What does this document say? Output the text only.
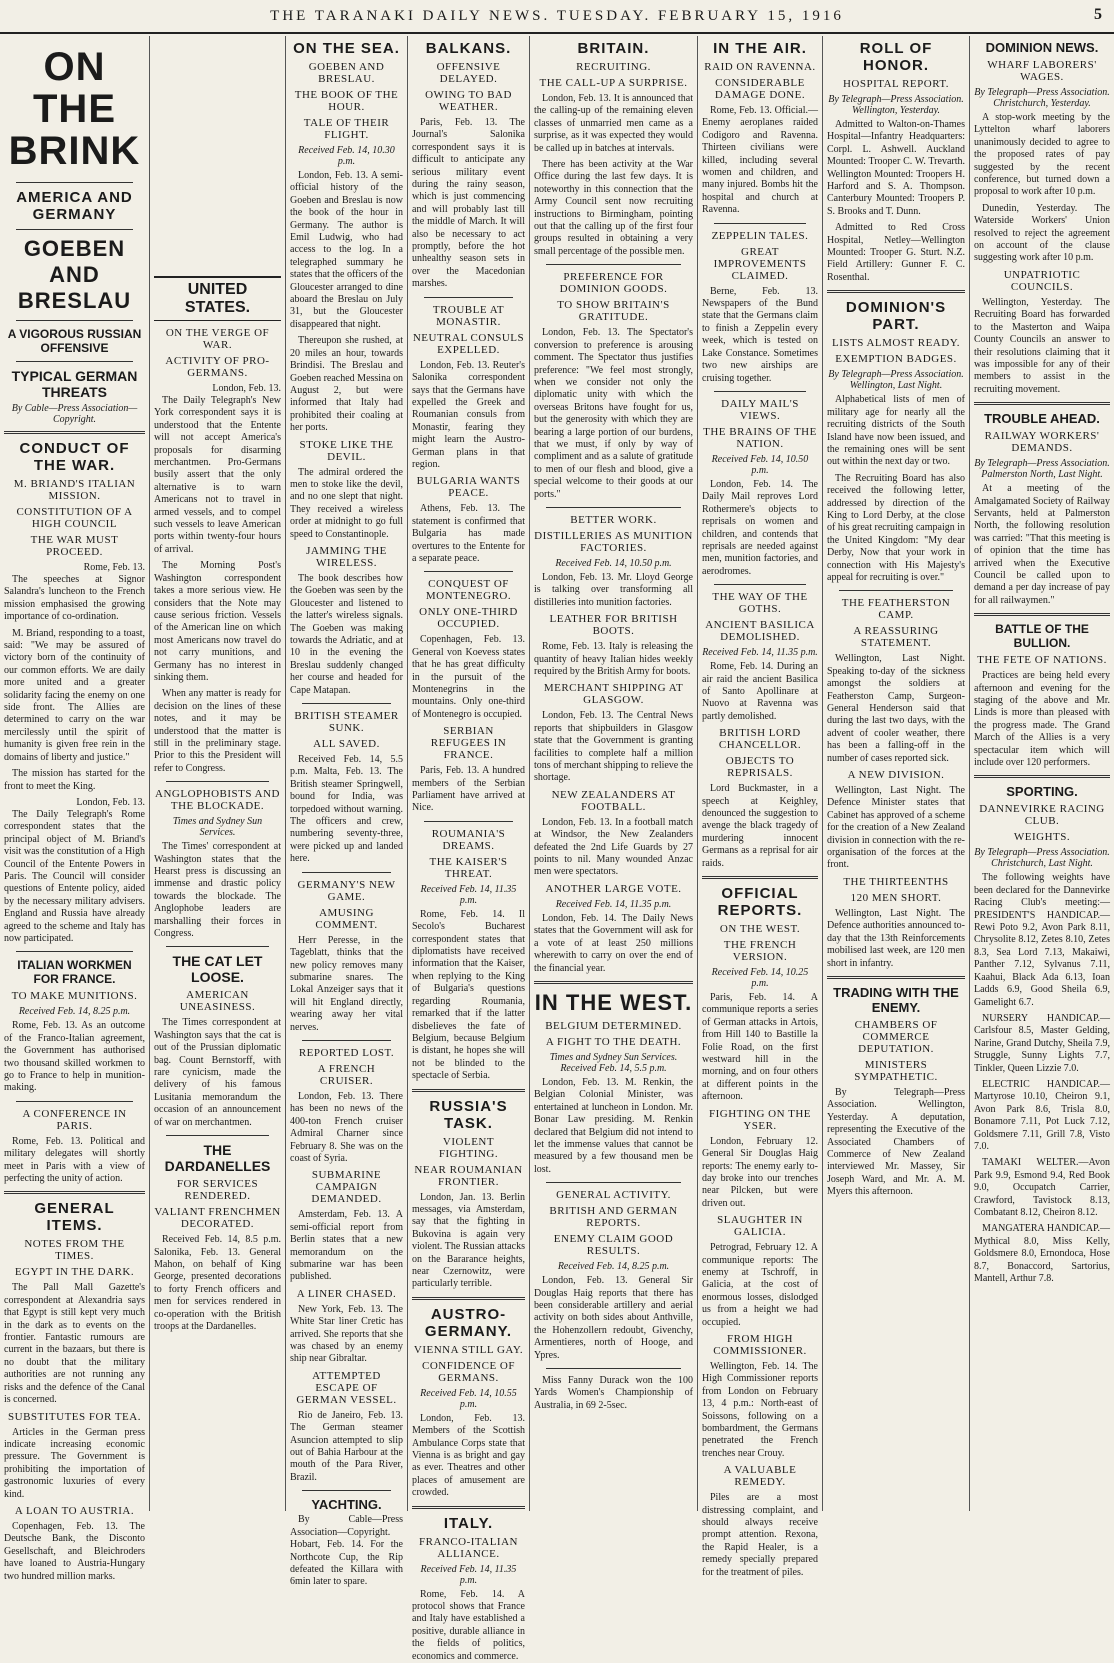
THE TARANAKI DAILY NEWS. TUESDAY. FEBRUARY 15, 1916	5
ON THE BRINK
AMERICA AND GERMANY
GOEBEN AND BRESLAU
A VIGOROUS RUSSIAN OFFENSIVE
TYPICAL GERMAN THREATS
By Cable—Press Association—Copyright.
CONDUCT OF THE WAR.
M. BRIAND'S ITALIAN MISSION.
CONSTITUTION OF A HIGH COUNCIL
THE WAR MUST PROCEED.
Rome, Feb. 13.

The speeches at Signor Salandra's luncheon to the French mission emphasised the growing importance of co-ordination.

M. Briand, responding to a toast, said: "We may be assured of victory born of the continuity of our common efforts. We are daily more united and a greater solidarity facing the enemy on one side front. The Allies are determined to carry on the war mercilessly until the spirit of humanity is given free rein in the domains of liberty and justice."

The mission has started for the front to meet the King.

London, Feb. 13.

The Daily Telegraph's Rome correspondent states that the principal object of M. Briand's visit was the constitution of a High Council of the Entente Powers in Paris. The Council will consider questions of Entente policy, aided by the necessary military advisers. England and Russia have already agreed to the scheme and Italy has now participated.

ITALIAN WORKMEN FOR FRANCE.
TO MAKE MUNITIONS.
Received Feb. 14, 8.25 p.m.

Rome, Feb. 13. As an outcome of the Franco-Italian agreement, the Government has authorised two thousand skilled workmen to go to France to help in munition-making.

A CONFERENCE IN PARIS.

Rome, Feb. 13. Political and military delegates will shortly meet in Paris with a view of perfecting the unity of action.

GENERAL ITEMS.
NOTES FROM THE TIMES.
EGYPT IN THE DARK.

The Pall Mall Gazette's correspondent at Alexandria says that Egypt is still kept very much in the dark as to events on the frontier. Fantastic rumours are current in the bazaars, but there is no doubt that the military authorities are not running any risks and the defence of the Canal is concerned.

SUBSTITUTES FOR TEA.

Articles in the German press indicate increasing economic pressure. The Government is prohibiting the importation of gastronomic luxuries of every kind.

A LOAN TO AUSTRIA.

Copenhagen, Feb. 13. The Deutsche Bank, the Disconto Gesellschaft, and Bleichroders have loaned to Austria-Hungary two hundred million marks.

UNITED STATES.
ON THE VERGE OF WAR.
ACTIVITY OF PRO-GERMANS.
London, Feb. 13.

The Daily Telegraph's New York correspondent says it is understood that the Entente will not accept America's proposals for disarming merchantmen. Pro-Germans busily assert that the only alternative is to warn Americans not to travel in armed vessels, and to compel such vessels to leave American ports within twenty-four hours of arrival.

The Morning Post's Washington correspondent takes a more serious view. He considers that the Note may cause serious friction. Vessels of the American line on which most Americans now travel do not carry munitions, and Germany has no interest in sinking them.

When any matter is ready for decision on the lines of these notes, and it may be understood that the matter is still in the preliminary stage. Prior to this the President will refer to Congress.

ANGLOPHOBISTS AND THE BLOCKADE.
Times and Sydney Sun Services.

The Times' correspondent at Washington states that the Hearst press is discussing an immense and drastic policy towards the blockade. The Anglophobe leaders are marshalling their forces in Congress.

THE CAT LET LOOSE.
AMERICAN UNEASINESS.

The Times correspondent at Washington says that the cat is out of the Prussian diplomatic bag. Count Bernstorff, with rare cynicism, made the delivery of his famous Lusitania memorandum the occasion of an announcement of war on merchantmen.

THE DARDANELLES
FOR SERVICES RENDERED.
VALIANT FRENCHMEN DECORATED.

Received Feb. 14, 8.5 p.m. Salonika, Feb. 13. General Mahon, on behalf of King George, presented decorations to forty French officers and men for services rendered in co-operation with the British troops at the Dardanelles.

ON THE SEA.
GOEBEN AND BRESLAU.
THE BOOK OF THE HOUR.
TALE OF THEIR FLIGHT.
Received Feb. 14, 10.30 p.m.

London, Feb. 13. A semi-official history of the Goeben and Breslau is now the book of the hour in Germany. The author is Emil Ludwig, who had access to the log. In a telegraphed summary he states that the officers of the Gloucester arranged to dine aboard the Breslau on July 31, but the Gloucester disappeared that night.

Thereupon she rushed, at 20 miles an hour, towards Brindisi. The Breslau and Goeben reached Messina on August 2, but were informed that Italy had prohibited their coaling at her ports.

STOKE LIKE THE DEVIL.

The admiral ordered the men to stoke like the devil, and no one slept that night. They received a wireless order at midnight to go full speed to Constantinople.

JAMMING THE WIRELESS.

The book describes how the Goeben was seen by the Gloucester and listened to the latter's wireless signals. The Goeben was making towards the Adriatic, and at 10 in the evening the Breslau suddenly changed her course and headed for Cape Matapan.

BRITISH STEAMER SUNK.
ALL SAVED.

Received Feb. 14, 5.5 p.m. Malta, Feb. 13. The British steamer Springwell, bound for India, was torpedoed without warning. The officers and crew, numbering seventy-three, were picked up and landed here.

GERMANY'S NEW GAME.
AMUSING COMMENT.

Herr Peresse, in the Tageblatt, thinks that the new policy removes many submarine snares. The Lokal Anzeiger says that it will hit England directly, wearing away her vital nerves.

REPORTED LOST.
A FRENCH CRUISER.

London, Feb. 13. There has been no news of the 400-ton French cruiser Admiral Charner since February 8. She was on the coast of Syria.

SUBMARINE CAMPAIGN DEMANDED.

Amsterdam, Feb. 13. A semi-official report from Berlin states that a new memorandum on the submarine war has been published.

A LINER CHASED.

New York, Feb. 13. The White Star liner Cretic has arrived. She reports that she was chased by an enemy ship near Gibraltar.

ATTEMPTED ESCAPE OF GERMAN VESSEL.

Rio de Janeiro, Feb. 13. The German steamer Asuncion attempted to slip out of Bahia Harbour at the mouth of the Para River, Brazil.

YACHTING.

By Cable—Press Association—Copyright. Hobart, Feb. 14. For the Northcote Cup, the Rip defeated the Killara with 6min later to spare.

BALKANS.
OFFENSIVE DELAYED.
OWING TO BAD WEATHER.

Paris, Feb. 13. The Journal's Salonika correspondent says it is difficult to anticipate any serious military event during the rainy season, which is just commencing and will probably last till the middle of March. It will also be necessary to act promptly, before the hot unhealthy season sets in over the Macedonian marshes.

TROUBLE AT MONASTIR.
NEUTRAL CONSULS EXPELLED.

London, Feb. 13. Reuter's Salonika correspondent says that the Germans have expelled the Greek and Roumanian consuls from Monastir, fearing they might learn the Austro-German plans in that region.

BULGARIA WANTS PEACE.

Athens, Feb. 13. The statement is confirmed that Bulgaria has made overtures to the Entente for a separate peace.

CONQUEST OF MONTENEGRO.
ONLY ONE-THIRD OCCUPIED.

Copenhagen, Feb. 13. General von Koevess states that he has great difficulty in the pursuit of the Montenegrins in the mountains. Only one-third of Montenegro is occupied.

SERBIAN REFUGEES IN FRANCE.

Paris, Feb. 13. A hundred members of the Serbian Parliament have arrived at Nice.

ROUMANIA'S DREAMS.
THE KAISER'S THREAT.
Received Feb. 14, 11.35 p.m.

Rome, Feb. 14. Il Secolo's Bucharest correspondent states that diplomatists have received information that the Kaiser, when replying to the King of Bulgaria's questions regarding Roumania, remarked that if the latter disbelieves the fate of Belgium, because Belgium is distant, he hopes she will not be blinded to the spectacle of Serbia.

RUSSIA'S TASK.
VIOLENT FIGHTING.
NEAR ROUMANIAN FRONTIER.

London, Jan. 13. Berlin messages, via Amsterdam, say that the fighting in Bukovina is again very violent. The Russian attacks on the Bararance heights, near Czernowitz, were particularly terrible.

AUSTRO-GERMANY.
VIENNA STILL GAY.
CONFIDENCE OF GERMANS.
Received Feb. 14, 10.55 p.m.

London, Feb. 13. Members of the Scottish Ambulance Corps state that Vienna is as bright and gay as ever. Theatres and other places of amusement are crowded.

ITALY.
FRANCO-ITALIAN ALLIANCE.
Received Feb. 14, 11.35 p.m.

Rome, Feb. 14. A protocol shows that France and Italy have established a positive, durable alliance in the fields of politics, economics and commerce.

BRITAIN.
RECRUITING.
THE CALL-UP A SURPRISE.

London, Feb. 13. It is announced that the calling-up of the remaining eleven classes of unmarried men came as a surprise, as it was expected they would be called up in batches at intervals.

There has been activity at the War Office during the last few days. It is noteworthy in this connection that the Army Council sent now recruiting instructions to Birmingham, pointing out that the calling up of the first four groups resulted in obtaining a very small percentage of the possible men.

PREFERENCE FOR DOMINION GOODS.
TO SHOW BRITAIN'S GRATITUDE.

London, Feb. 13. The Spectator's conversion to preference is arousing comment. The Spectator thus justifies preference: "We feel most strongly, when we consider not only the diplomatic unity with which the overseas Britons have fought for us, but the generosity with which they are bearing a large portion of our burdens, that we must, if only by way of compliment and as a salute of gratitude to men of our flesh and blood, give a special welcome to their goods at our ports."

BETTER WORK.
DISTILLERIES AS MUNITION FACTORIES.
Received Feb. 14, 10.50 p.m.

London, Feb. 13. Mr. Lloyd George is talking over transforming all distilleries into munition factories.

LEATHER FOR BRITISH BOOTS.

Rome, Feb. 13. Italy is releasing the quantity of heavy Italian hides weekly required by the British Army for boots.

MERCHANT SHIPPING AT GLASGOW.

London, Feb. 13. The Central News reports that shipbuilders in Glasgow state that the Government is granting facilities to complete half a million tons of merchant shipping to relieve the shortage.

NEW ZEALANDERS AT FOOTBALL.

London, Feb. 13. In a football match at Windsor, the New Zealanders defeated the 2nd Life Guards by 27 points to nil. Many wounded Anzac men were spectators.

ANOTHER LARGE VOTE.
Received Feb. 14, 11.35 p.m.

London, Feb. 14. The Daily News states that the Government will ask for a vote of at least 250 millions wherewith to carry on over the end of the financial year.

IN THE WEST.
BELGIUM DETERMINED.
A FIGHT TO THE DEATH.
Times and Sydney Sun Services. Received Feb. 14, 5.5 p.m.

London, Feb. 13. M. Renkin, the Belgian Colonial Minister, was entertained at luncheon in London. Mr. Bonar Law presiding. M. Renkin declared that Belgium did not intend to let the immense values that cannot be measured by a few thousand men be lost.

GENERAL ACTIVITY.
BRITISH AND GERMAN REPORTS.
ENEMY CLAIM GOOD RESULTS.
Received Feb. 14, 8.25 p.m.

London, Feb. 13. General Sir Douglas Haig reports that there has been considerable artillery and aerial activity on both sides about Anthville, the Hohenzollern redoubt, Givenchy, Armentieres, north of Hooge, and Ypres.

Miss Fanny Durack won the 100 Yards Women's Championship of Australia, in 69 2-5sec.

IN THE AIR.
RAID ON RAVENNA.
CONSIDERABLE DAMAGE DONE.

Rome, Feb. 13. Official.—Enemy aeroplanes raided Codigoro and Ravenna. Thirteen civilians were killed, including several women and children, and many injured. Bombs hit the hospital and church at Ravenna.

ZEPPELIN TALES.
GREAT IMPROVEMENTS CLAIMED.

Berne, Feb. 13. Newspapers of the Bund state that the Germans claim to finish a Zeppelin every week, which is tested on Lake Constance. Sometimes two new airships are cruising together.

DAILY MAIL'S VIEWS.
THE BRAINS OF THE NATION.
Received Feb. 14, 10.50 p.m.

London, Feb. 14. The Daily Mail reproves Lord Rothermere's objects to reprisals on women and children, and contends that reprisals are needed against men, munition factories, and aerodromes.

THE WAY OF THE GOTHS.
ANCIENT BASILICA DEMOLISHED.
Received Feb. 14, 11.35 p.m.

Rome, Feb. 14. During an air raid the ancient Basilica of Santo Apollinare at Nuovo at Ravenna was partly demolished.

BRITISH LORD CHANCELLOR.
OBJECTS TO REPRISALS.

Lord Buckmaster, in a speech at Keighley, denounced the suggestion to avenge the black tragedy of murdering innocent Germans as a reprisal for air raids.

OFFICIAL REPORTS.
ON THE WEST.
THE FRENCH VERSION.
Received Feb. 14, 10.25 p.m.

Paris, Feb. 14. A communique reports a series of German attacks in Artois, from Hill 140 to Bastille la Folie Road, on the first westward hill in the morning, and on four others at different points in the afternoon.

FIGHTING ON THE YSER.

London, February 12. General Sir Douglas Haig reports: The enemy early to-day broke into our trenches near Pilcken, but were driven out.

SLAUGHTER IN GALICIA.

Petrograd, February 12. A communique reports: The enemy at Tschroff, in Galicia, at the cost of enormous losses, dislodged us from a height we had occupied.

FROM HIGH COMMISSIONER.

Wellington, Feb. 14. The High Commissioner reports from London on February 13, 4 p.m.: North-east of Soissons, following on a bombardment, the Germans penetrated the French trenches near Crouy.

A VALUABLE REMEDY.

Piles are a most distressing complaint, and should always receive prompt attention. Rexona, the Rapid Healer, is a remedy specially prepared for the treatment of piles.

ROLL OF HONOR.
HOSPITAL REPORT.
By Telegraph—Press Association. Wellington, Yesterday.

Admitted to Walton-on-Thames Hospital—Infantry Headquarters: Corpl. L. Ashwell. Auckland Mounted: Trooper C. W. Trevarth. Wellington Mounted: Troopers H. Harford and S. A. Thompson. Canterbury Mounted: Troopers P. S. Brooks and T. Dunn.

Admitted to Red Cross Hospital, Netley—Wellington Mounted: Trooper G. Sturt. N.Z. Field Artillery: Gunner F. C. Rosenthal.

DOMINION'S PART.
LISTS ALMOST READY.
EXEMPTION BADGES.
By Telegraph—Press Association. Wellington, Last Night.

Alphabetical lists of men of military age for nearly all the recruiting districts of the South Island have now been issued, and the remaining ones will be sent out within the next day or two.

The Recruiting Board has also received the following letter, addressed by direction of the King to Lord Derby, at the close of his great recruiting campaign in the United Kingdom: "My dear Derby, Now that your work in connection with His Majesty's appeal for recruiting is over."

THE FEATHERSTON CAMP.
A REASSURING STATEMENT.

Wellington, Last Night. Speaking to-day of the sickness amongst the soldiers at Featherston Camp, Surgeon-General Henderson said that during the last two days, with the advent of cooler weather, there has been a falling-off in the number of cases reported sick.

A NEW DIVISION.

Wellington, Last Night. The Defence Minister states that Cabinet has approved of a scheme for the creation of a New Zealand division in connection with the re-organisation of the forces at the front.

THE THIRTEENTHS
120 MEN SHORT.

Wellington, Last Night. The Defence authorities announced to-day that the 13th Reinforcements mobilised last week, are 120 men short in infantry.

TRADING WITH THE ENEMY.
CHAMBERS OF COMMERCE DEPUTATION.
MINISTERS SYMPATHETIC.

By Telegraph—Press Association. Wellington, Yesterday. A deputation, representing the Executive of the Associated Chambers of Commerce of New Zealand interviewed Mr. Massey, Sir Joseph Ward, and Mr. A. M. Myers this afternoon.

DOMINION NEWS.
WHARF LABORERS' WAGES.
By Telegraph—Press Association. Christchurch, Yesterday.

A stop-work meeting by the Lyttelton wharf laborers unanimously decided to agree to the proposed rates of pay suggested by the recent conference, but turned down a proposal to work after 10 p.m.

Dunedin, Yesterday. The Waterside Workers' Union resolved to reject the agreement on account of the clause suggesting work after 10 p.m.

UNPATRIOTIC COUNCILS.

Wellington, Yesterday. The Recruiting Board has forwarded to the Masterton and Waipa County Councils an answer to their resolutions claiming that it was impossible for any of their members to assist in the recruiting movement.

TROUBLE AHEAD.
RAILWAY WORKERS' DEMANDS.
By Telegraph—Press Association. Palmerston North, Last Night.

At a meeting of the Amalgamated Society of Railway Servants, held at Palmerston North, the following resolution was carried: "That this meeting is of opinion that the time has arrived when the Executive Council be called upon to demand a per day increase of pay for all railwaymen."

BATTLE OF THE BULLION.
THE FETE OF NATIONS.

Practices are being held every afternoon and evening for the staging of the above and Mr. Linds is more than pleased with the progress made. The Grand March of the Allies is a very spectacular item which will include over 120 performers.

SPORTING.
DANNEVIRKE RACING CLUB.
WEIGHTS.
By Telegraph—Press Association. Christchurch, Last Night.

The following weights have been declared for the Dannevirke Racing Club's meeting:— PRESIDENT'S HANDICAP.—Rewi Poto 9.2, Avon Park 8.11, Chrysolite 8.12, Zetes 8.10, Zetes 8.3, Sea Lord 7.13, Makaiwi, Panther 7.12, Sylvanus 7.11, Kaahui, Black Ada 6.13, Ioan Ladds 6.9, Good Sheila 6.9, Gamelight 6.7.

NURSERY HANDICAP.—Carlsfour 8.5, Master Gelding, Narine, Grand Dutchy, Sheila 7.9, Struggle, Sunny Lights 7.7, Tinkler, Queen Lizzie 7.0.

ELECTRIC HANDICAP.—Martyrose 10.10, Cheiron 9.1, Avon Park 8.6, Trisla 8.0, Bonamore 7.11, Pot Luck 7.12, Goldsmere 7.11, Grill 7.8, Visto 7.0.

TAMAKI WELTER.—Avon Park 9.9, Esmond 9.4, Red Book 9.0, Occupatch Carrier, Crawford, Tavistock 8.13, Combatant 8.12, Cheiron 8.12.

MANGATERA HANDICAP.—Mythical 8.0, Miss Kelly, Goldsmere 8.0, Ernondoca, Hose 8.7, Bonaccord, Sartorius, Mantell, Arthur 7.8.
